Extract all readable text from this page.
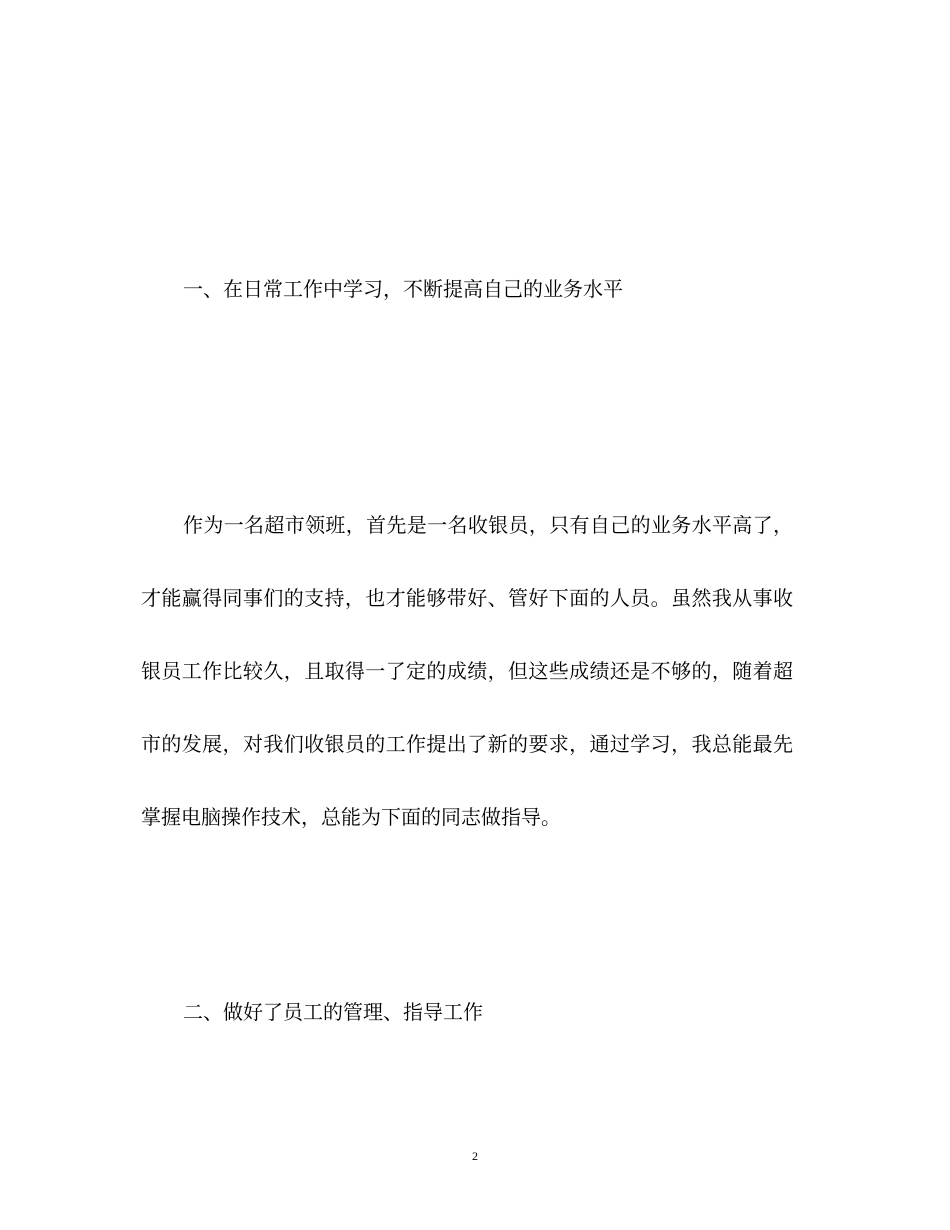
一、在日常工作中学习，不断提高自己的业务水平

作为一名超市领班，首先是一名收银员，只有自己的业务水平高了，才能赢得同事们的支持，也才能够带好、管好下面的人员。虽然我从事收银员工作比较久，且取得一了定的成绩，但这些成绩还是不够的，随着超市的发展，对我们收银员的工作提出了新的要求，通过学习，我总能最先掌握电脑操作技术，总能为下面的同志做指导。

二、做好了员工的管理、指导工作

2
